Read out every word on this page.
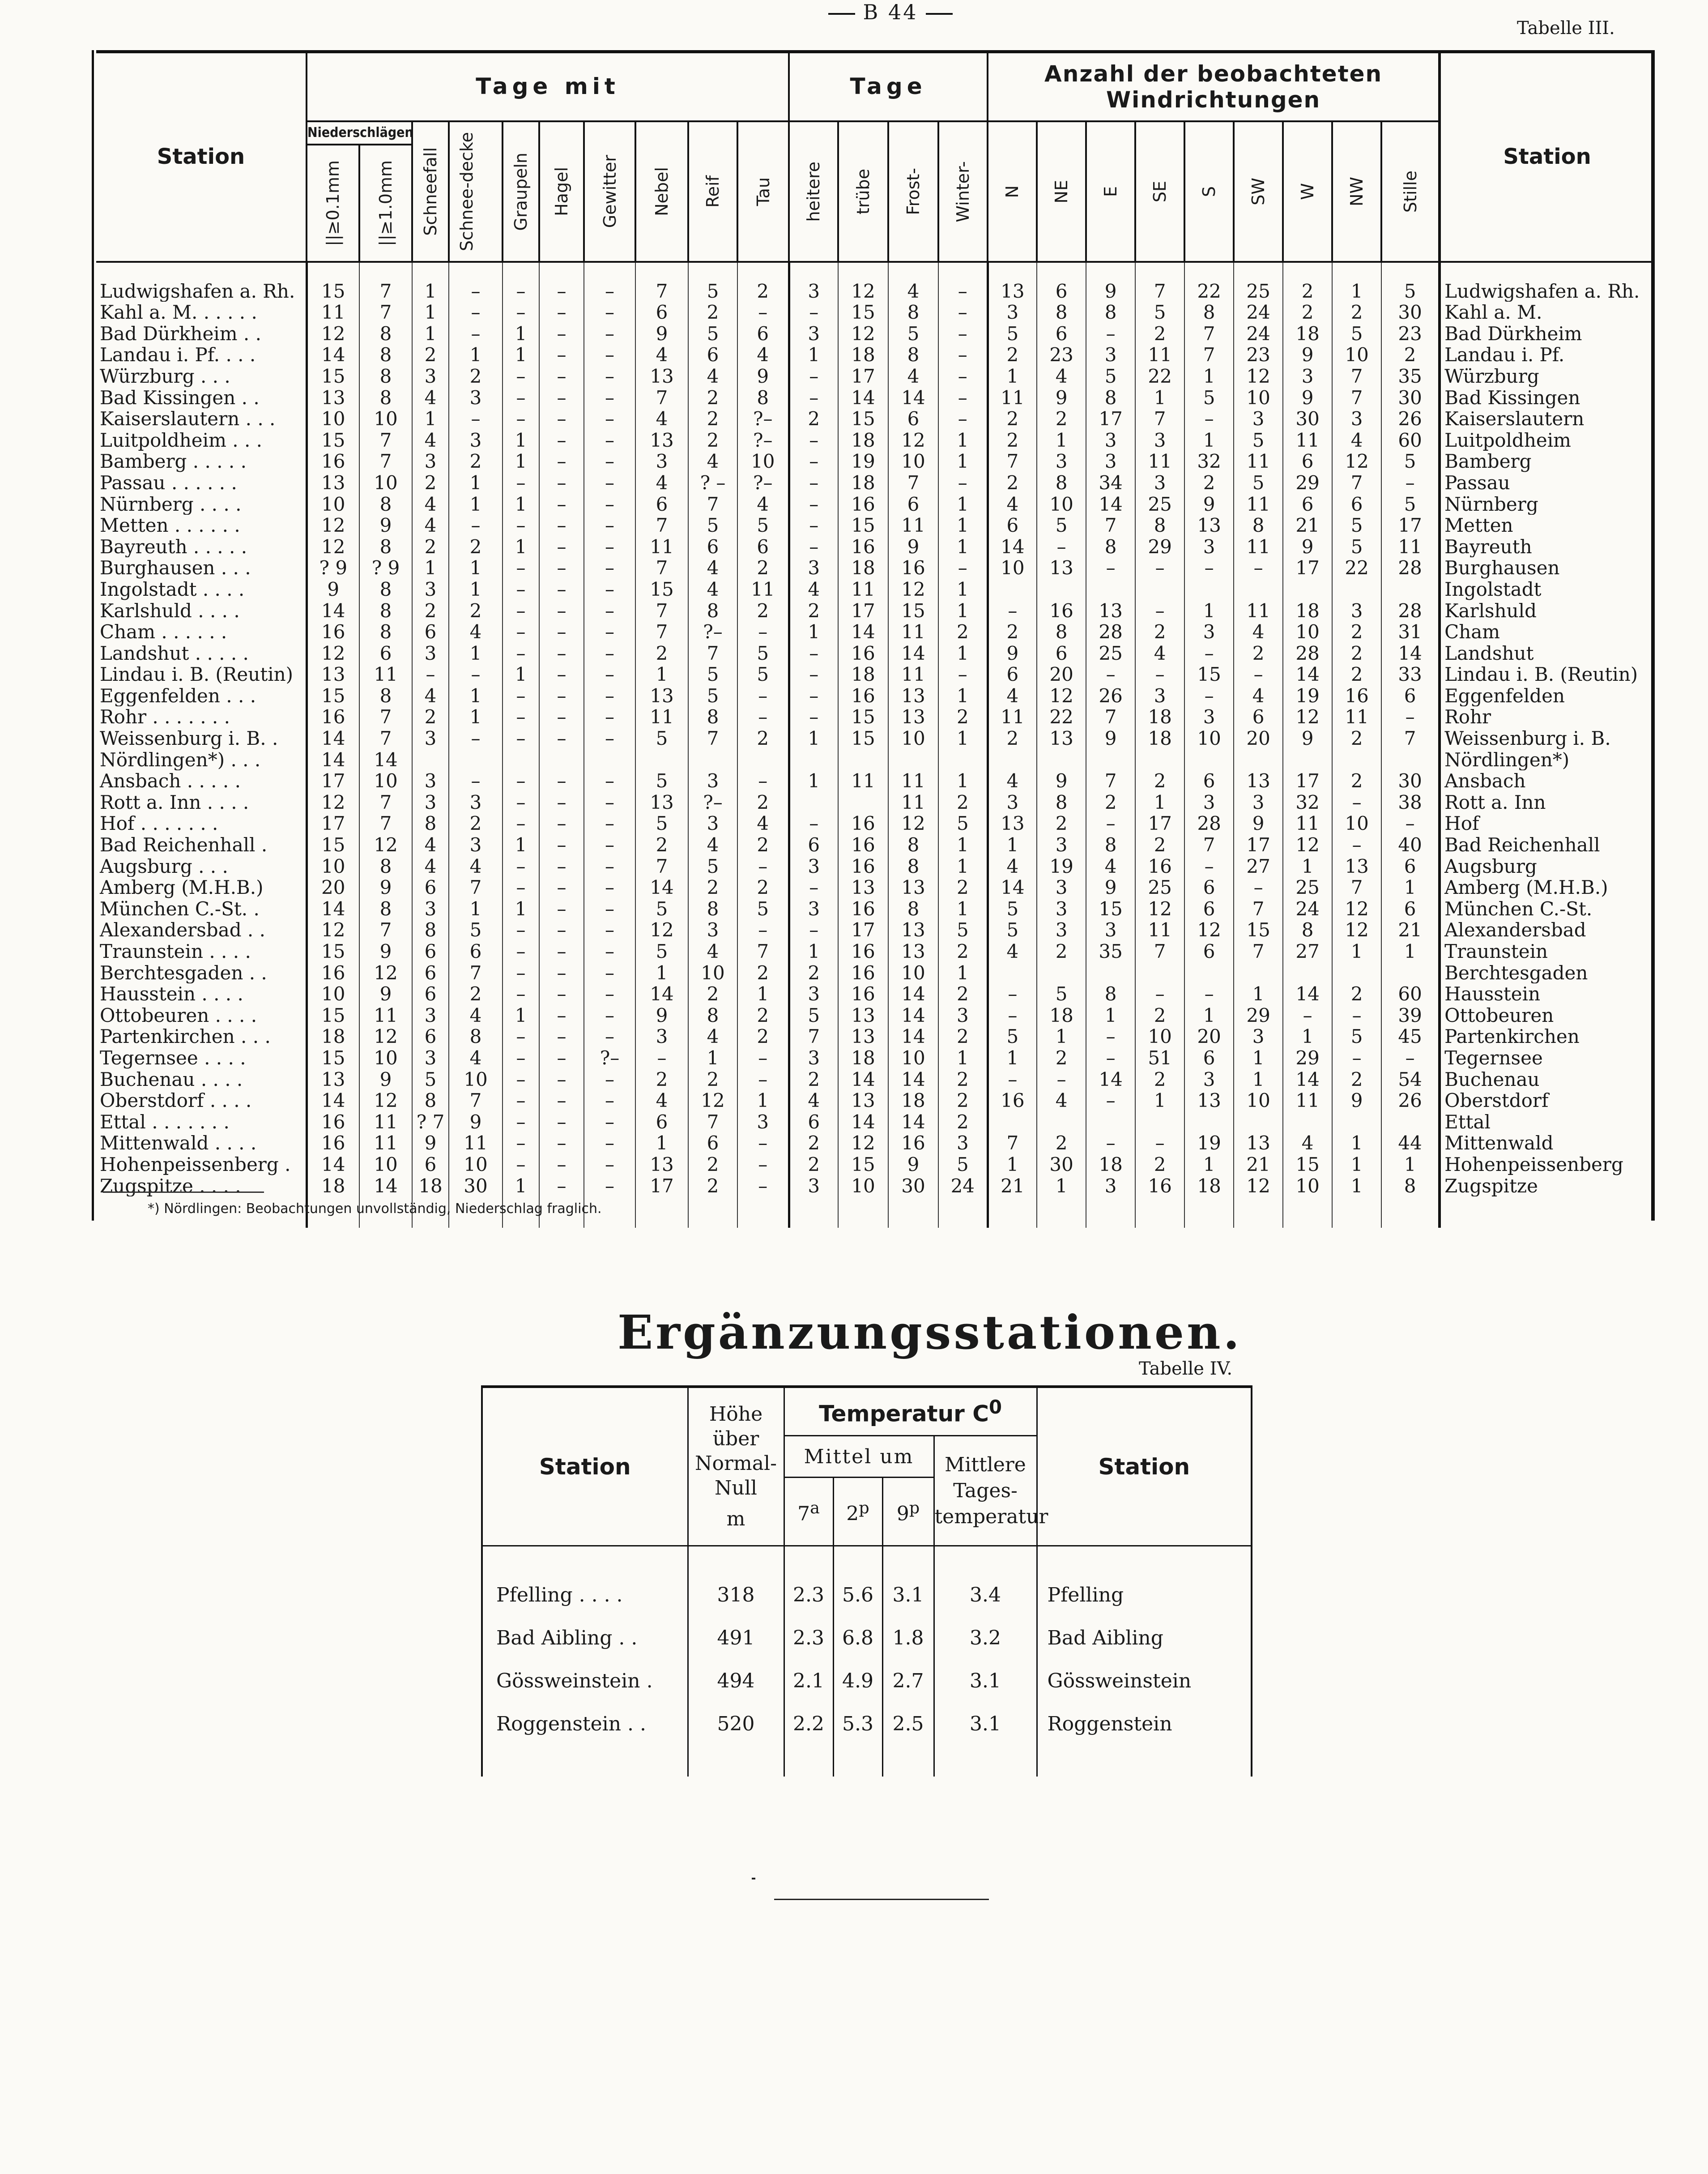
B 44
Tabelle III.
Station	Tage mit										Tage				Anzahl der beobachteten Windrichtungen									Station
	Niederschlägen		Schneefall	Schnee-decke	Graupeln	Hagel	Gewitter	Nebel	Reif	Tau	heitere	trübe	Frost-	Winter-	N	NE	E	SE	S	SW	W	NW	Stille	

	||≥0.1mm	||≥1.0mm																						

Ludwigshafen a. Rh.	15	7	1	–	–	–	–	7	5	2	3	12	4	–	13	6	9	7	22	25	2	1	5	Ludwigshafen a. Rh.
Kahl a. M. . . . . .	11	7	1	–	–	–	–	6	2	–	–	15	8	–	3	8	8	5	8	24	2	2	30	Kahl a. M.
Bad Dürkheim . .	12	8	1	–	1	–	–	9	5	6	3	12	5	–	5	6	–	2	7	24	18	5	23	Bad Dürkheim
Landau i. Pf. . . .	14	8	2	1	1	–	–	4	6	4	1	18	8	–	2	23	3	11	7	23	9	10	2	Landau i. Pf.
Würzburg . . .	15	8	3	2	–	–	–	13	4	9	–	17	4	–	1	4	5	22	1	12	3	7	35	Würzburg
Bad Kissingen . .	13	8	4	3	–	–	–	7	2	8	–	14	14	–	11	9	8	1	5	10	9	7	30	Bad Kissingen
Kaiserslautern . . .	10	10	1	–	–	–	–	4	2	?–	2	15	6	–	2	2	17	7	–	3	30	3	26	Kaiserslautern
Luitpoldheim . . .	15	7	4	3	1	–	–	13	2	?–	–	18	12	1	2	1	3	3	1	5	11	4	60	Luitpoldheim
Bamberg . . . . .	16	7	3	2	1	–	–	3	4	10	–	19	10	1	7	3	3	11	32	11	6	12	5	Bamberg
Passau . . . . . .	13	10	2	1	–	–	–	4	? –	?–	–	18	7	–	2	8	34	3	2	5	29	7	–	Passau
Nürnberg . . . .	10	8	4	1	1	–	–	6	7	4	–	16	6	1	4	10	14	25	9	11	6	6	5	Nürnberg
Metten . . . . . .	12	9	4	–	–	–	–	7	5	5	–	15	11	1	6	5	7	8	13	8	21	5	17	Metten
Bayreuth . . . . .	12	8	2	2	1	–	–	11	6	6	–	16	9	1	14	–	8	29	3	11	9	5	11	Bayreuth
Burghausen . . .	? 9	? 9	1	1	–	–	–	7	4	2	3	18	16	–	10	13	–	–	–	–	17	22	28	Burghausen
Ingolstadt . . . .	9	8	3	1	–	–	–	15	4	11	4	11	12	1										Ingolstadt
Karlshuld . . . .	14	8	2	2	–	–	–	7	8	2	2	17	15	1	–	16	13	–	1	11	18	3	28	Karlshuld
Cham . . . . . .	16	8	6	4	–	–	–	7	?–	–	1	14	11	2	2	8	28	2	3	4	10	2	31	Cham
Landshut . . . . .	12	6	3	1	–	–	–	2	7	5	–	16	14	1	9	6	25	4	–	2	28	2	14	Landshut
Lindau i. B. (Reutin)	13	11	–	–	1	–	–	1	5	5	–	18	11	–	6	20	–	–	15	–	14	2	33	Lindau i. B. (Reutin)
Eggenfelden . . .	15	8	4	1	–	–	–	13	5	–	–	16	13	1	4	12	26	3	–	4	19	16	6	Eggenfelden
Rohr . . . . . . .	16	7	2	1	–	–	–	11	8	–	–	15	13	2	11	22	7	18	3	6	12	11	–	Rohr
Weissenburg i. B. .	14	7	3	–	–	–	–	5	7	2	1	15	10	1	2	13	9	18	10	20	9	2	7	Weissenburg i. B.
Nördlingen*) . . .	14	14																						Nördlingen*)
Ansbach . . . . .	17	10	3	–	–	–	–	5	3	–	1	11	11	1	4	9	7	2	6	13	17	2	30	Ansbach
Rott a. Inn . . . .	12	7	3	3	–	–	–	13	?–	2			11	2	3	8	2	1	3	3	32	–	38	Rott a. Inn
Hof . . . . . . .	17	7	8	2	–	–	–	5	3	4	–	16	12	5	13	2	–	17	28	9	11	10	–	Hof
Bad Reichenhall .	15	12	4	3	1	–	–	2	4	2	6	16	8	1	1	3	8	2	7	17	12	–	40	Bad Reichenhall
Augsburg . . .	10	8	4	4	–	–	–	7	5	–	3	16	8	1	4	19	4	16	–	27	1	13	6	Augsburg
Amberg (M.H.B.)	20	9	6	7	–	–	–	14	2	2	–	13	13	2	14	3	9	25	6	–	25	7	1	Amberg (M.H.B.)
München C.-St. .	14	8	3	1	1	–	–	5	8	5	3	16	8	1	5	3	15	12	6	7	24	12	6	München C.-St.
Alexandersbad . .	12	7	8	5	–	–	–	12	3	–	–	17	13	5	5	3	3	11	12	15	8	12	21	Alexandersbad
Traunstein . . . .	15	9	6	6	–	–	–	5	4	7	1	16	13	2	4	2	35	7	6	7	27	1	1	Traunstein
Berchtesgaden . .	16	12	6	7	–	–	–	1	10	2	2	16	10	1										Berchtesgaden
Hausstein . . . .	10	9	6	2	–	–	–	14	2	1	3	16	14	2	–	5	8	–	–	1	14	2	60	Hausstein
Ottobeuren . . . .	15	11	3	4	1	–	–	9	8	2	5	13	14	3	–	18	1	2	1	29	–	–	39	Ottobeuren
Partenkirchen . . .	18	12	6	8	–	–	–	3	4	2	7	13	14	2	5	1	–	10	20	3	1	5	45	Partenkirchen
Tegernsee . . . .	15	10	3	4	–	–	?–	–	1	–	3	18	10	1	1	2	–	51	6	1	29	–	–	Tegernsee
Buchenau . . . .	13	9	5	10	–	–	–	2	2	–	2	14	14	2	–	–	14	2	3	1	14	2	54	Buchenau
Oberstdorf . . . .	14	12	8	7	–	–	–	4	12	1	4	13	18	2	16	4	–	1	13	10	11	9	26	Oberstdorf
Ettal . . . . . . .	16	11	? 7	9	–	–	–	6	7	3	6	14	14	2										Ettal
Mittenwald . . . .	16	11	9	11	–	–	–	1	6	–	2	12	16	3	7	2	–	–	19	13	4	1	44	Mittenwald
Hohenpeissenberg .	14	10	6	10	–	–	–	13	2	–	2	15	9	5	1	30	18	2	1	21	15	1	1	Hohenpeissenberg
Zugspitze . . . .	18	14	18	30	1	–	–	17	2	–	3	10	30	24	21	1	3	16	18	12	10	1	8	Zugspitze

*) Nördlingen: Beobachtungen unvollständig, Niederschlag fraglich.
Ergänzungsstationen.
Tabelle IV.
Station	Höhe
über
Normal-
Null
m	Temperatur $C^0$				Station
		Mittel um			Mittlere
Tages-
temperatur	

		7$^a$	2$^p$	9$^p$

Pfelling . . . .	318	2.3	5.6	3.1	3.4	Pfelling
Bad Aibling . .	491	2.3	6.8	1.8	3.2	Bad Aibling
Gössweinstein .	494	2.1	4.9	2.7	3.1	Gössweinstein
Roggenstein . .	520	2.2	5.3	2.5	3.1	Roggenstein
